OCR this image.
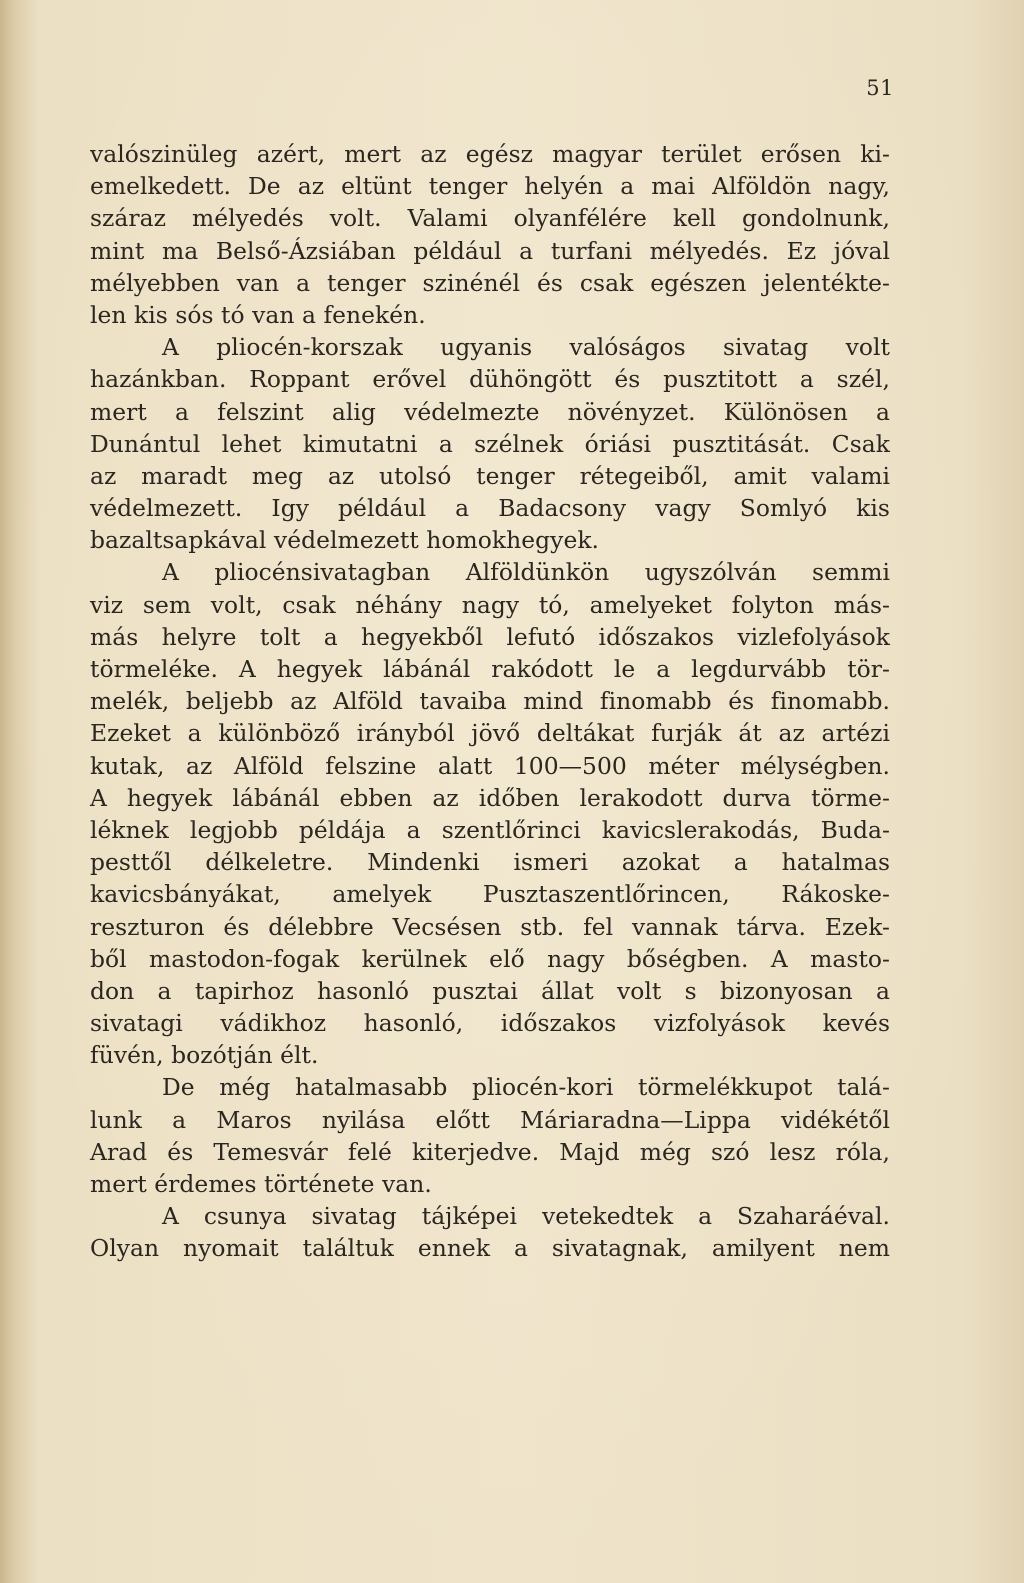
51
valószinüleg azért, mert az egész magyar terület erősen ki-
emelkedett. De az eltünt tenger helyén a mai Alföldön nagy,
száraz mélyedés volt. Valami olyanfélére kell gondolnunk,
mint ma Belső-Ázsiában például a turfani mélyedés. Ez jóval
mélyebben van a tenger szinénél és csak egészen jelentékte-
len kis sós tó van a fenekén.
A pliocén-korszak ugyanis valóságos sivatag volt
hazánkban. Roppant erővel dühöngött és pusztitott a szél,
mert a felszint alig védelmezte növényzet. Különösen a
Dunántul lehet kimutatni a szélnek óriási pusztitását. Csak
az maradt meg az utolsó tenger rétegeiből, amit valami
védelmezett. Igy például a Badacsony vagy Somlyó kis
bazaltsapkával védelmezett homokhegyek.
A pliocénsivatagban Alföldünkön ugyszólván semmi
viz sem volt, csak néhány nagy tó, amelyeket folyton más-
más helyre tolt a hegyekből lefutó időszakos vizlefolyások
törmeléke. A hegyek lábánál rakódott le a legdurvább tör-
melék, beljebb az Alföld tavaiba mind finomabb és finomabb.
Ezeket a különböző irányból jövő deltákat furják át az artézi
kutak, az Alföld felszine alatt 100—500 méter mélységben.
A hegyek lábánál ebben az időben lerakodott durva törme-
léknek legjobb példája a szentlőrinci kavicslerakodás, Buda-
pesttől délkeletre. Mindenki ismeri azokat a hatalmas
kavicsbányákat, amelyek Pusztaszentlőrincen, Rákoske-
reszturon és délebbre Vecsésen stb. fel vannak tárva. Ezek-
ből mastodon-fogak kerülnek elő nagy bőségben. A masto-
don a tapirhoz hasonló pusztai állat volt s bizonyosan a
sivatagi vádikhoz hasonló, időszakos vizfolyások kevés
füvén, bozótján élt.
De még hatalmasabb pliocén-kori törmelékkupot talá-
lunk a Maros nyilása előtt Máriaradna—Lippa vidékétől
Arad és Temesvár felé kiterjedve. Majd még szó lesz róla,
mert érdemes története van.
A csunya sivatag tájképei vetekedtek a Szaharáéval.
Olyan nyomait találtuk ennek a sivatagnak, amilyent nem
